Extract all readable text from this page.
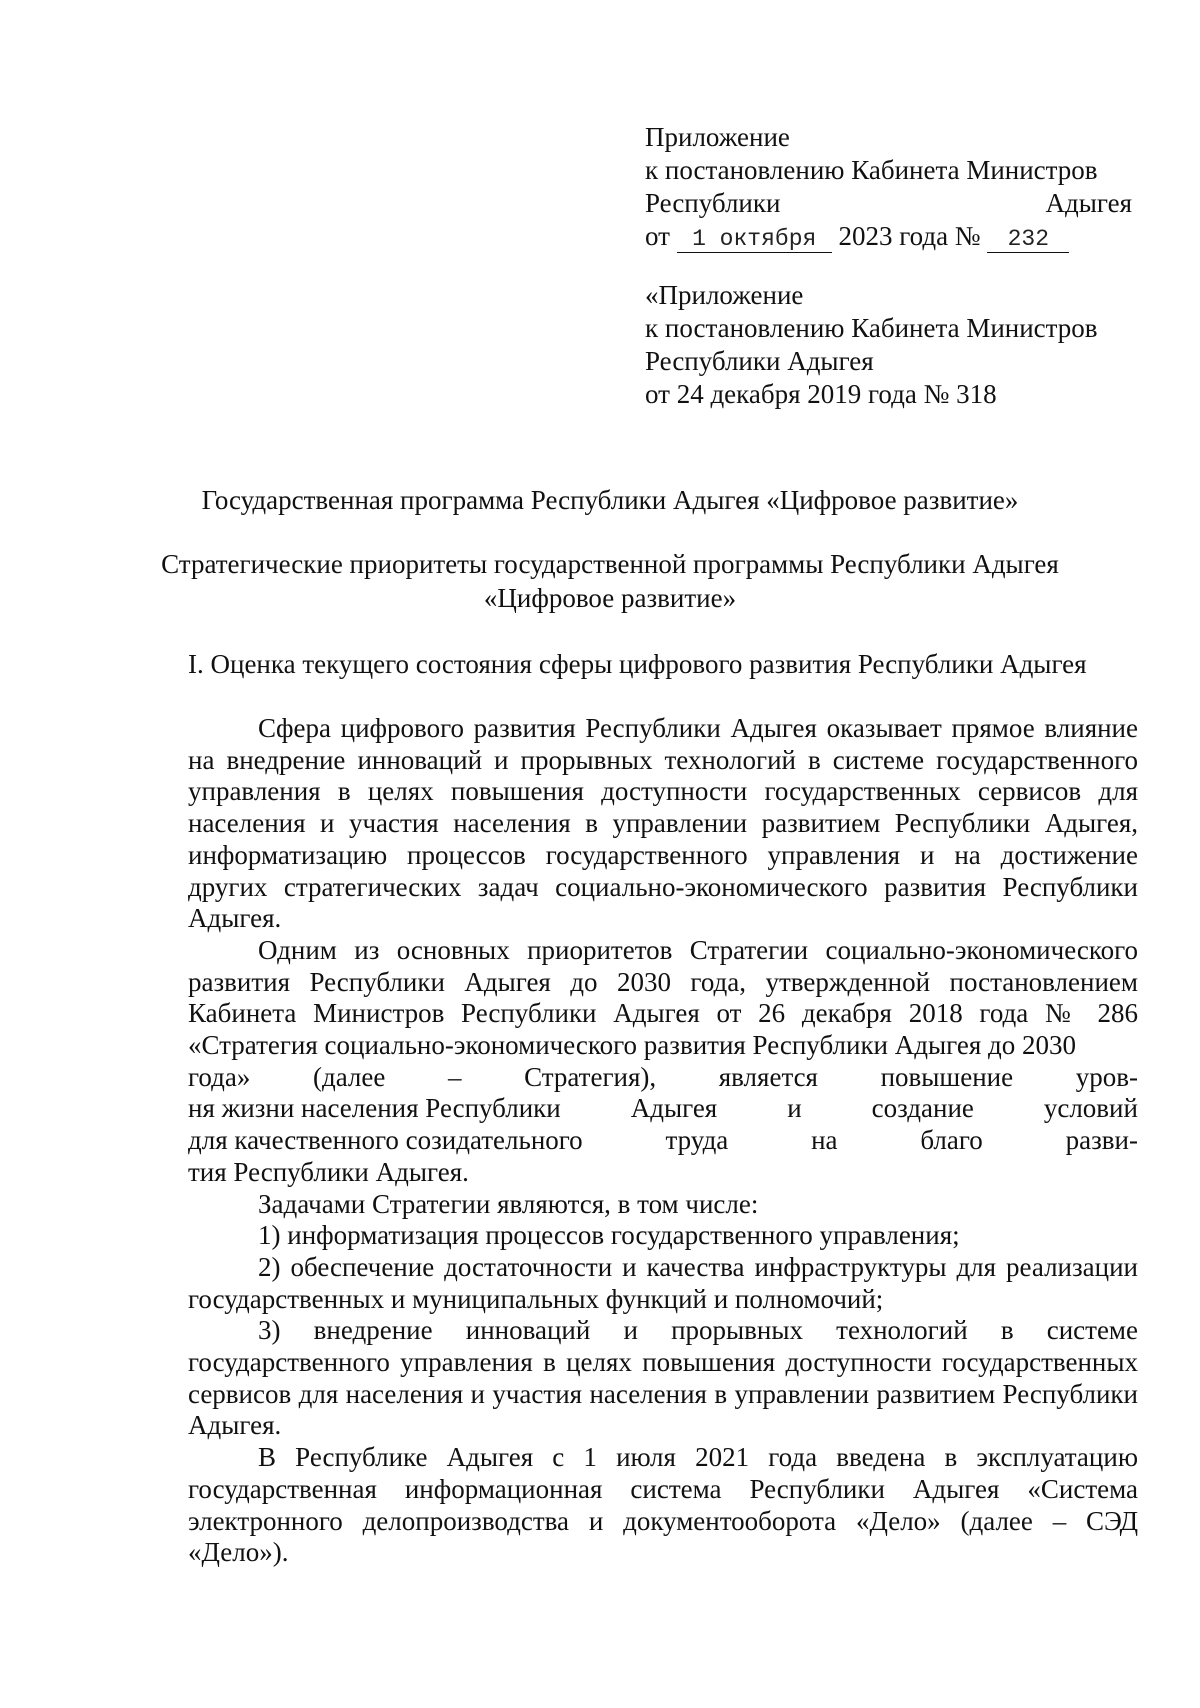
Приложение
к постановлению Кабинета Министров
Республики	Адыгея
от 1 октября 2023 года № 232
«Приложение
к постановлению Кабинета Министров
Республики Адыгея
от 24 декабря 2019 года № 318
Государственная программа Республики Адыгея «Цифровое развитие»
Стратегические приоритеты государственной программы Республики Адыгея
«Цифровое развитие»
I. Оценка текущего состояния сферы цифрового развития Республики Адыгея

Сфера цифрового развития Республики Адыгея оказывает прямое влияние на внедрение инноваций и прорывных технологий в системе государственного управления в целях повышения доступности государственных сервисов для населения и участия населения в управлении развитием Республики Адыгея, информатизацию процессов государственного управления и на достижение других стратегических задач социально-экономического развития Республики Адыгея.

Одним из основных приоритетов Стратегии социально-экономического развития Республики Адыгея до 2030 года, утвержденной постановлением Кабинета Министров Республики Адыгея от 26 декабря 2018 года № 286 «Стратегия социально-экономического развития Республики Адыгея до 2030

года» (далее – Стратегия), является повышение уров-
ня жизни населения Республики	Адыгея	и	создание	условий
для качественного созидательного	труда	на	благо	разви-
тия Республики Адыгея.

Задачами Стратегии являются, в том числе:

1) информатизация процессов государственного управления;

2) обеспечение достаточности и качества инфраструктуры для реализации государственных и муниципальных функций и полномочий;

3) внедрение инноваций и прорывных технологий в системе государственного управления в целях повышения доступности государственных сервисов для населения и участия населения в управлении развитием Республики Адыгея.

В Республике Адыгея с 1 июля 2021 года введена в эксплуатацию государственная информационная система Республики Адыгея «Система электронного делопроизводства и документооборота «Дело» (далее – СЭД «Дело»).
